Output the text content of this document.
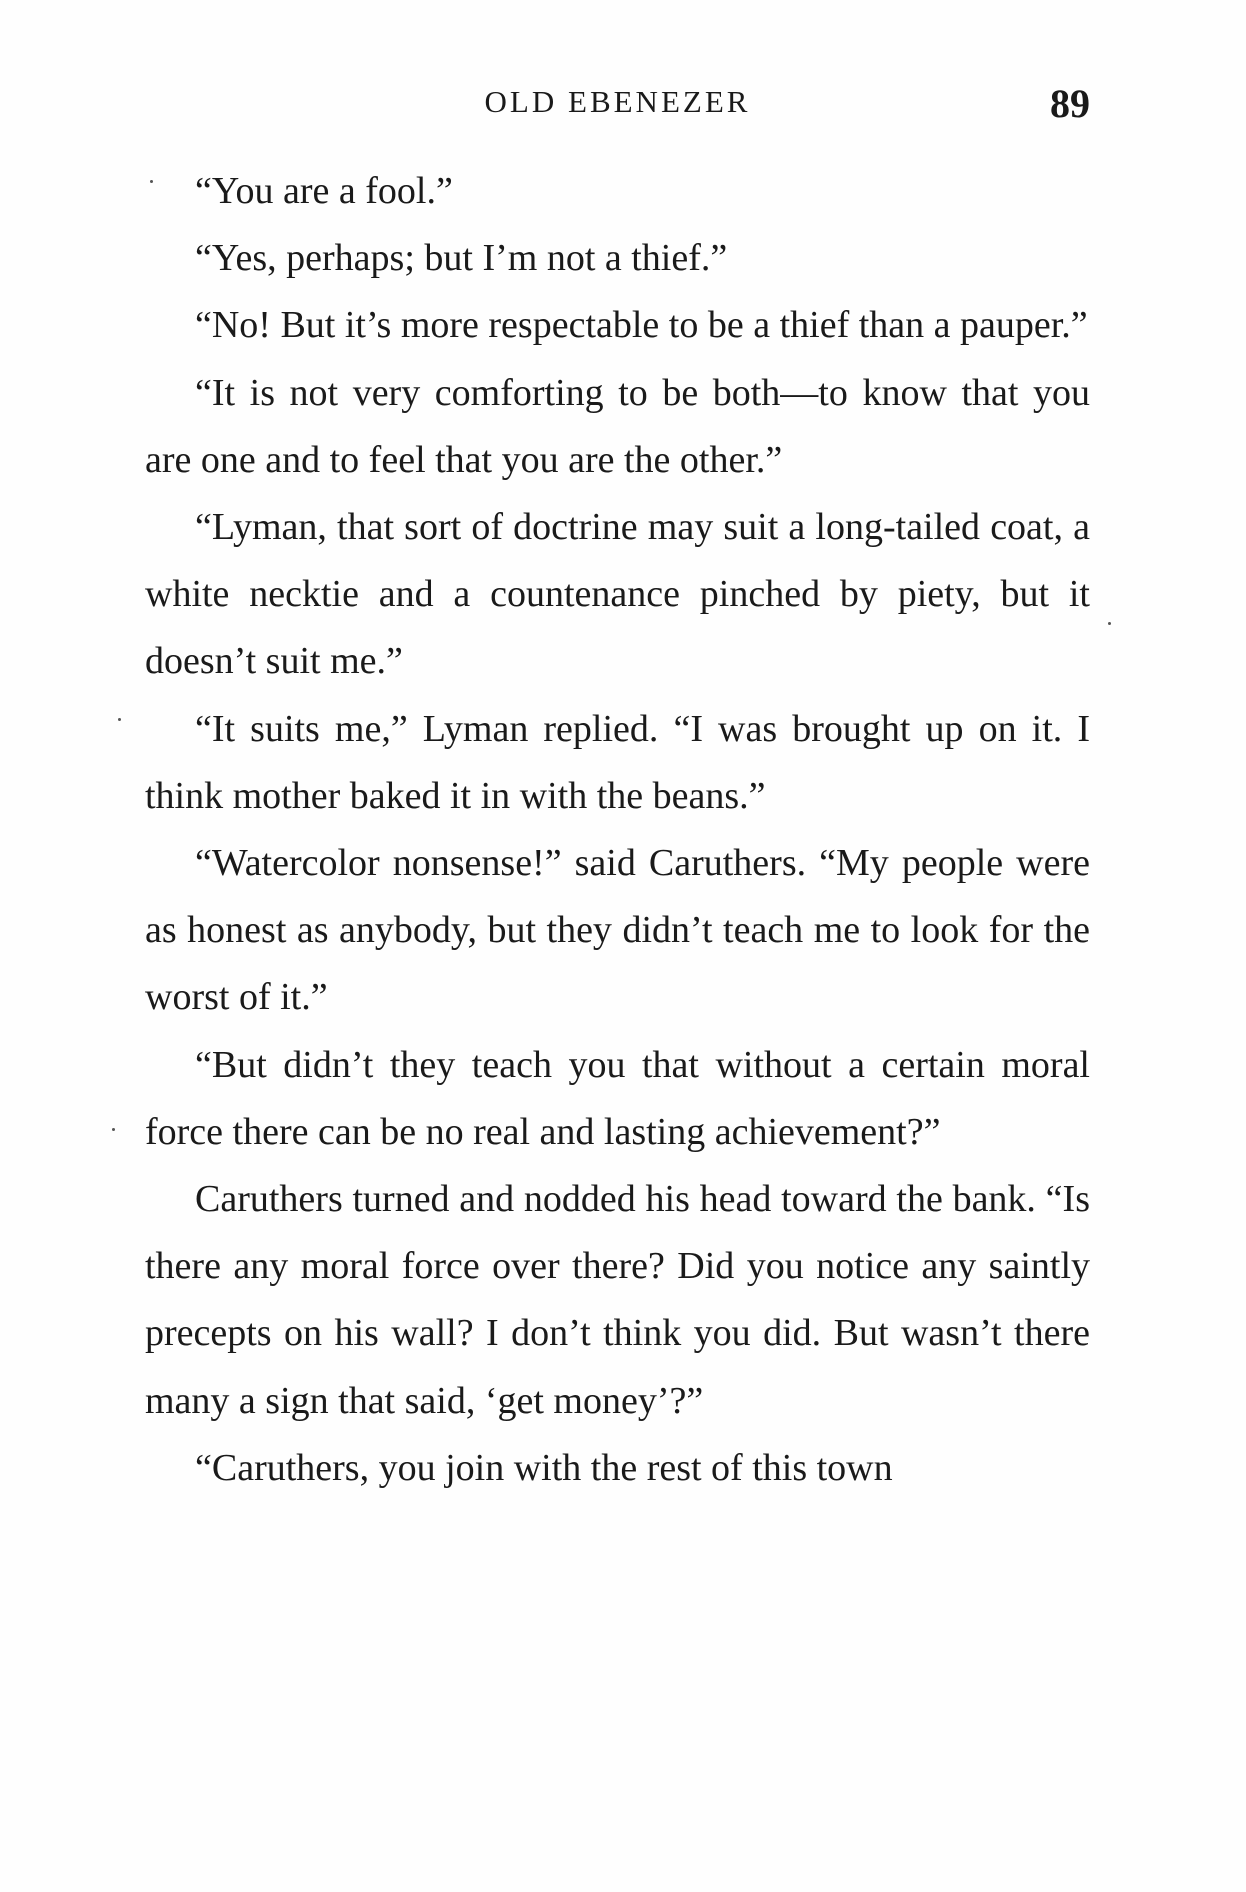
OLD EBENEZER	89

“You are a fool.”

“Yes, perhaps; but I’m not a thief.”

“No! But it’s more respectable to be a thief than a pauper.”

“It is not very comforting to be both—to know that you are one and to feel that you are the other.”

“Lyman, that sort of doctrine may suit a long-tailed coat, a white necktie and a countenance pinched by piety, but it doesn’t suit me.”

“It suits me,” Lyman replied. “I was brought up on it. I think mother baked it in with the beans.”

“Watercolor nonsense!” said Caruthers. “My people were as honest as anybody, but they didn’t teach me to look for the worst of it.”

“But didn’t they teach you that without a certain moral force there can be no real and lasting achievement?”

Caruthers turned and nodded his head toward the bank. “Is there any moral force over there? Did you notice any saintly precepts on his wall? I don’t think you did. But wasn’t there many a sign that said, ‘get money’?”

“Caruthers, you join with the rest of this town
